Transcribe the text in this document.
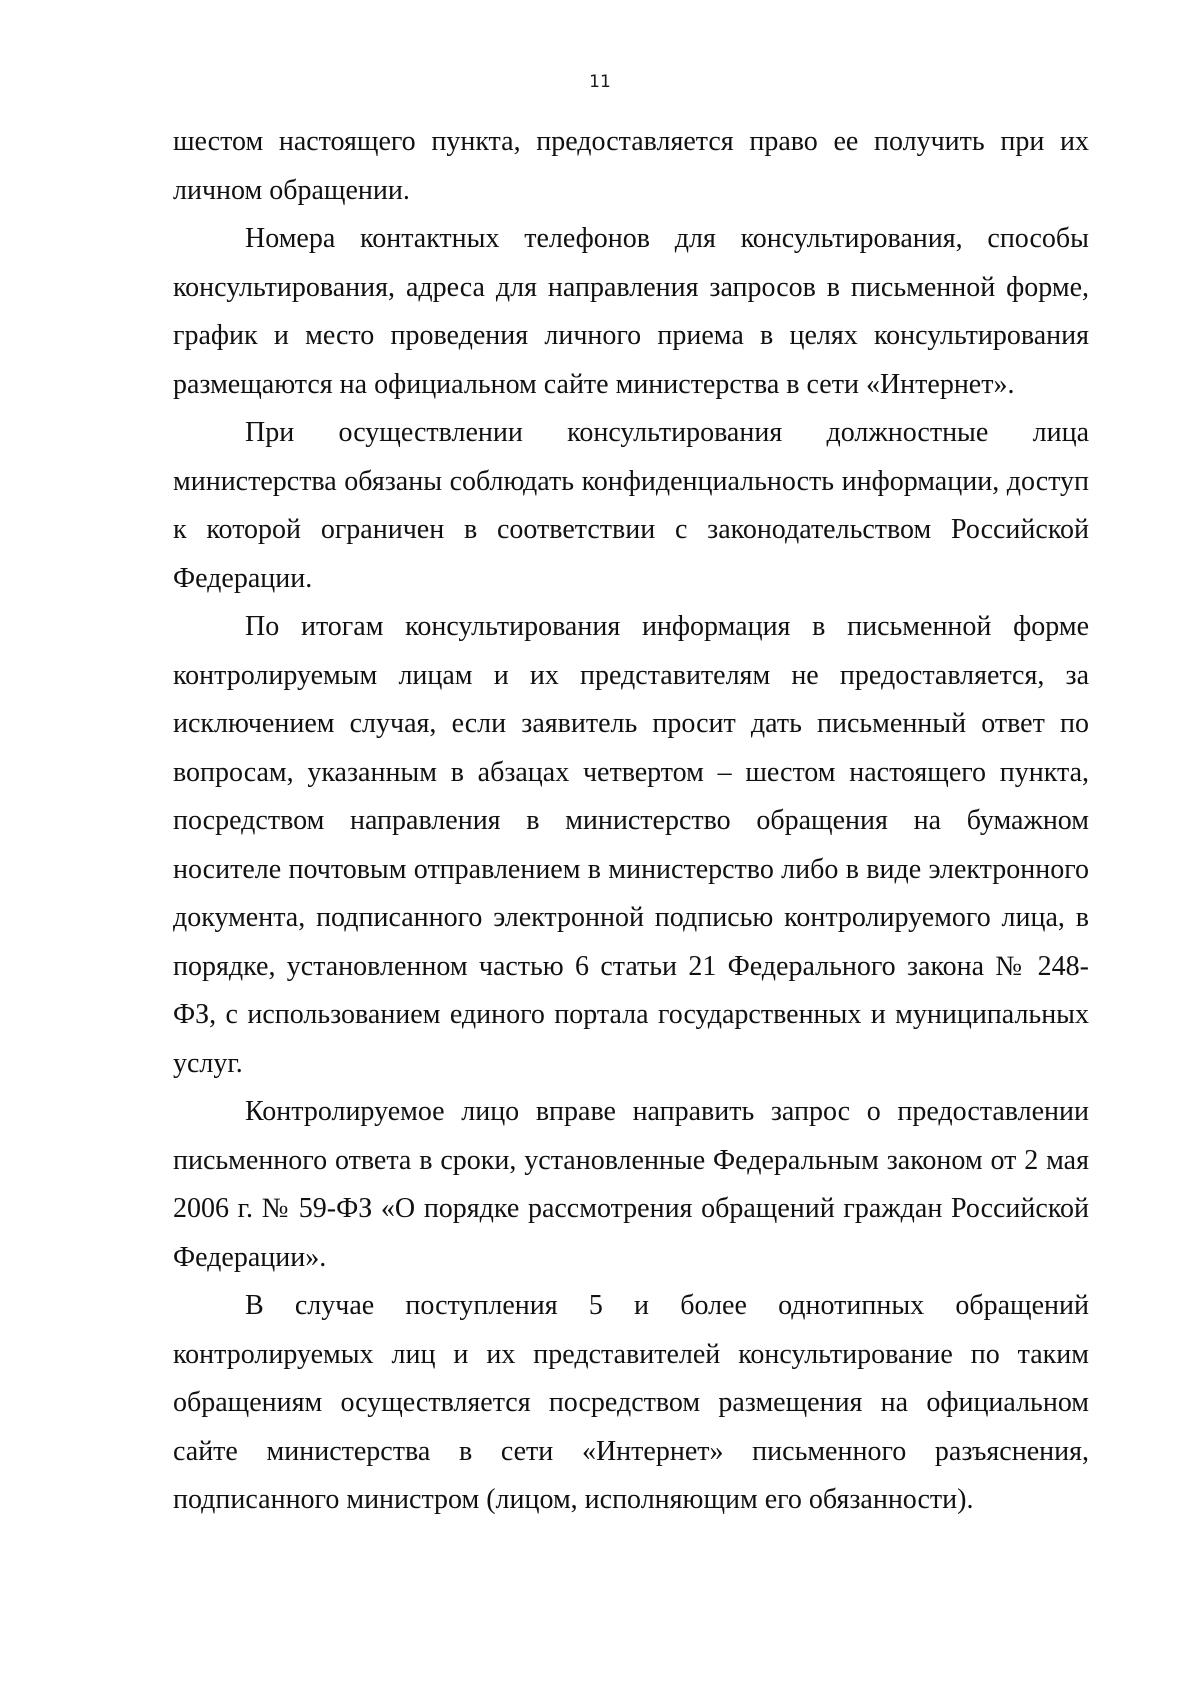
11

шестом настоящего пункта, предоставляется право ее получить при их личном обращении.

Номера контактных телефонов для консультирования, способы консультирования, адреса для направления запросов в письменной форме, график и место проведения личного приема в целях консультирования размещаются на официальном сайте министерства в сети «Интернет».

При осуществлении консультирования должностные лица министерства обязаны соблюдать конфиденциальность информации, доступ к которой ограничен в соответствии с законодательством Российской Федерации.

По итогам консультирования информация в письменной форме контролируемым лицам и их представителям не предоставляется, за исключением случая, если заявитель просит дать письменный ответ по вопросам, указанным в абзацах четвертом – шестом настоящего пункта, посредством направления в министерство обращения на бумажном носителе почтовым отправлением в министерство либо в виде электронного документа, подписанного электронной подписью контролируемого лица, в порядке, установленном частью 6 статьи 21 Федерального закона № 248-ФЗ, с использованием единого портала государственных и муниципальных услуг.

Контролируемое лицо вправе направить запрос о предоставлении письменного ответа в сроки, установленные Федеральным законом от 2 мая 2006 г. № 59-ФЗ «О порядке рассмотрения обращений граждан Российской Федерации».

В случае поступления 5 и более однотипных обращений контролируемых лиц и их представителей консультирование по таким обращениям осуществляется посредством размещения на официальном сайте министерства в сети «Интернет» письменного разъяснения, подписанного министром (лицом, исполняющим его обязанности).
